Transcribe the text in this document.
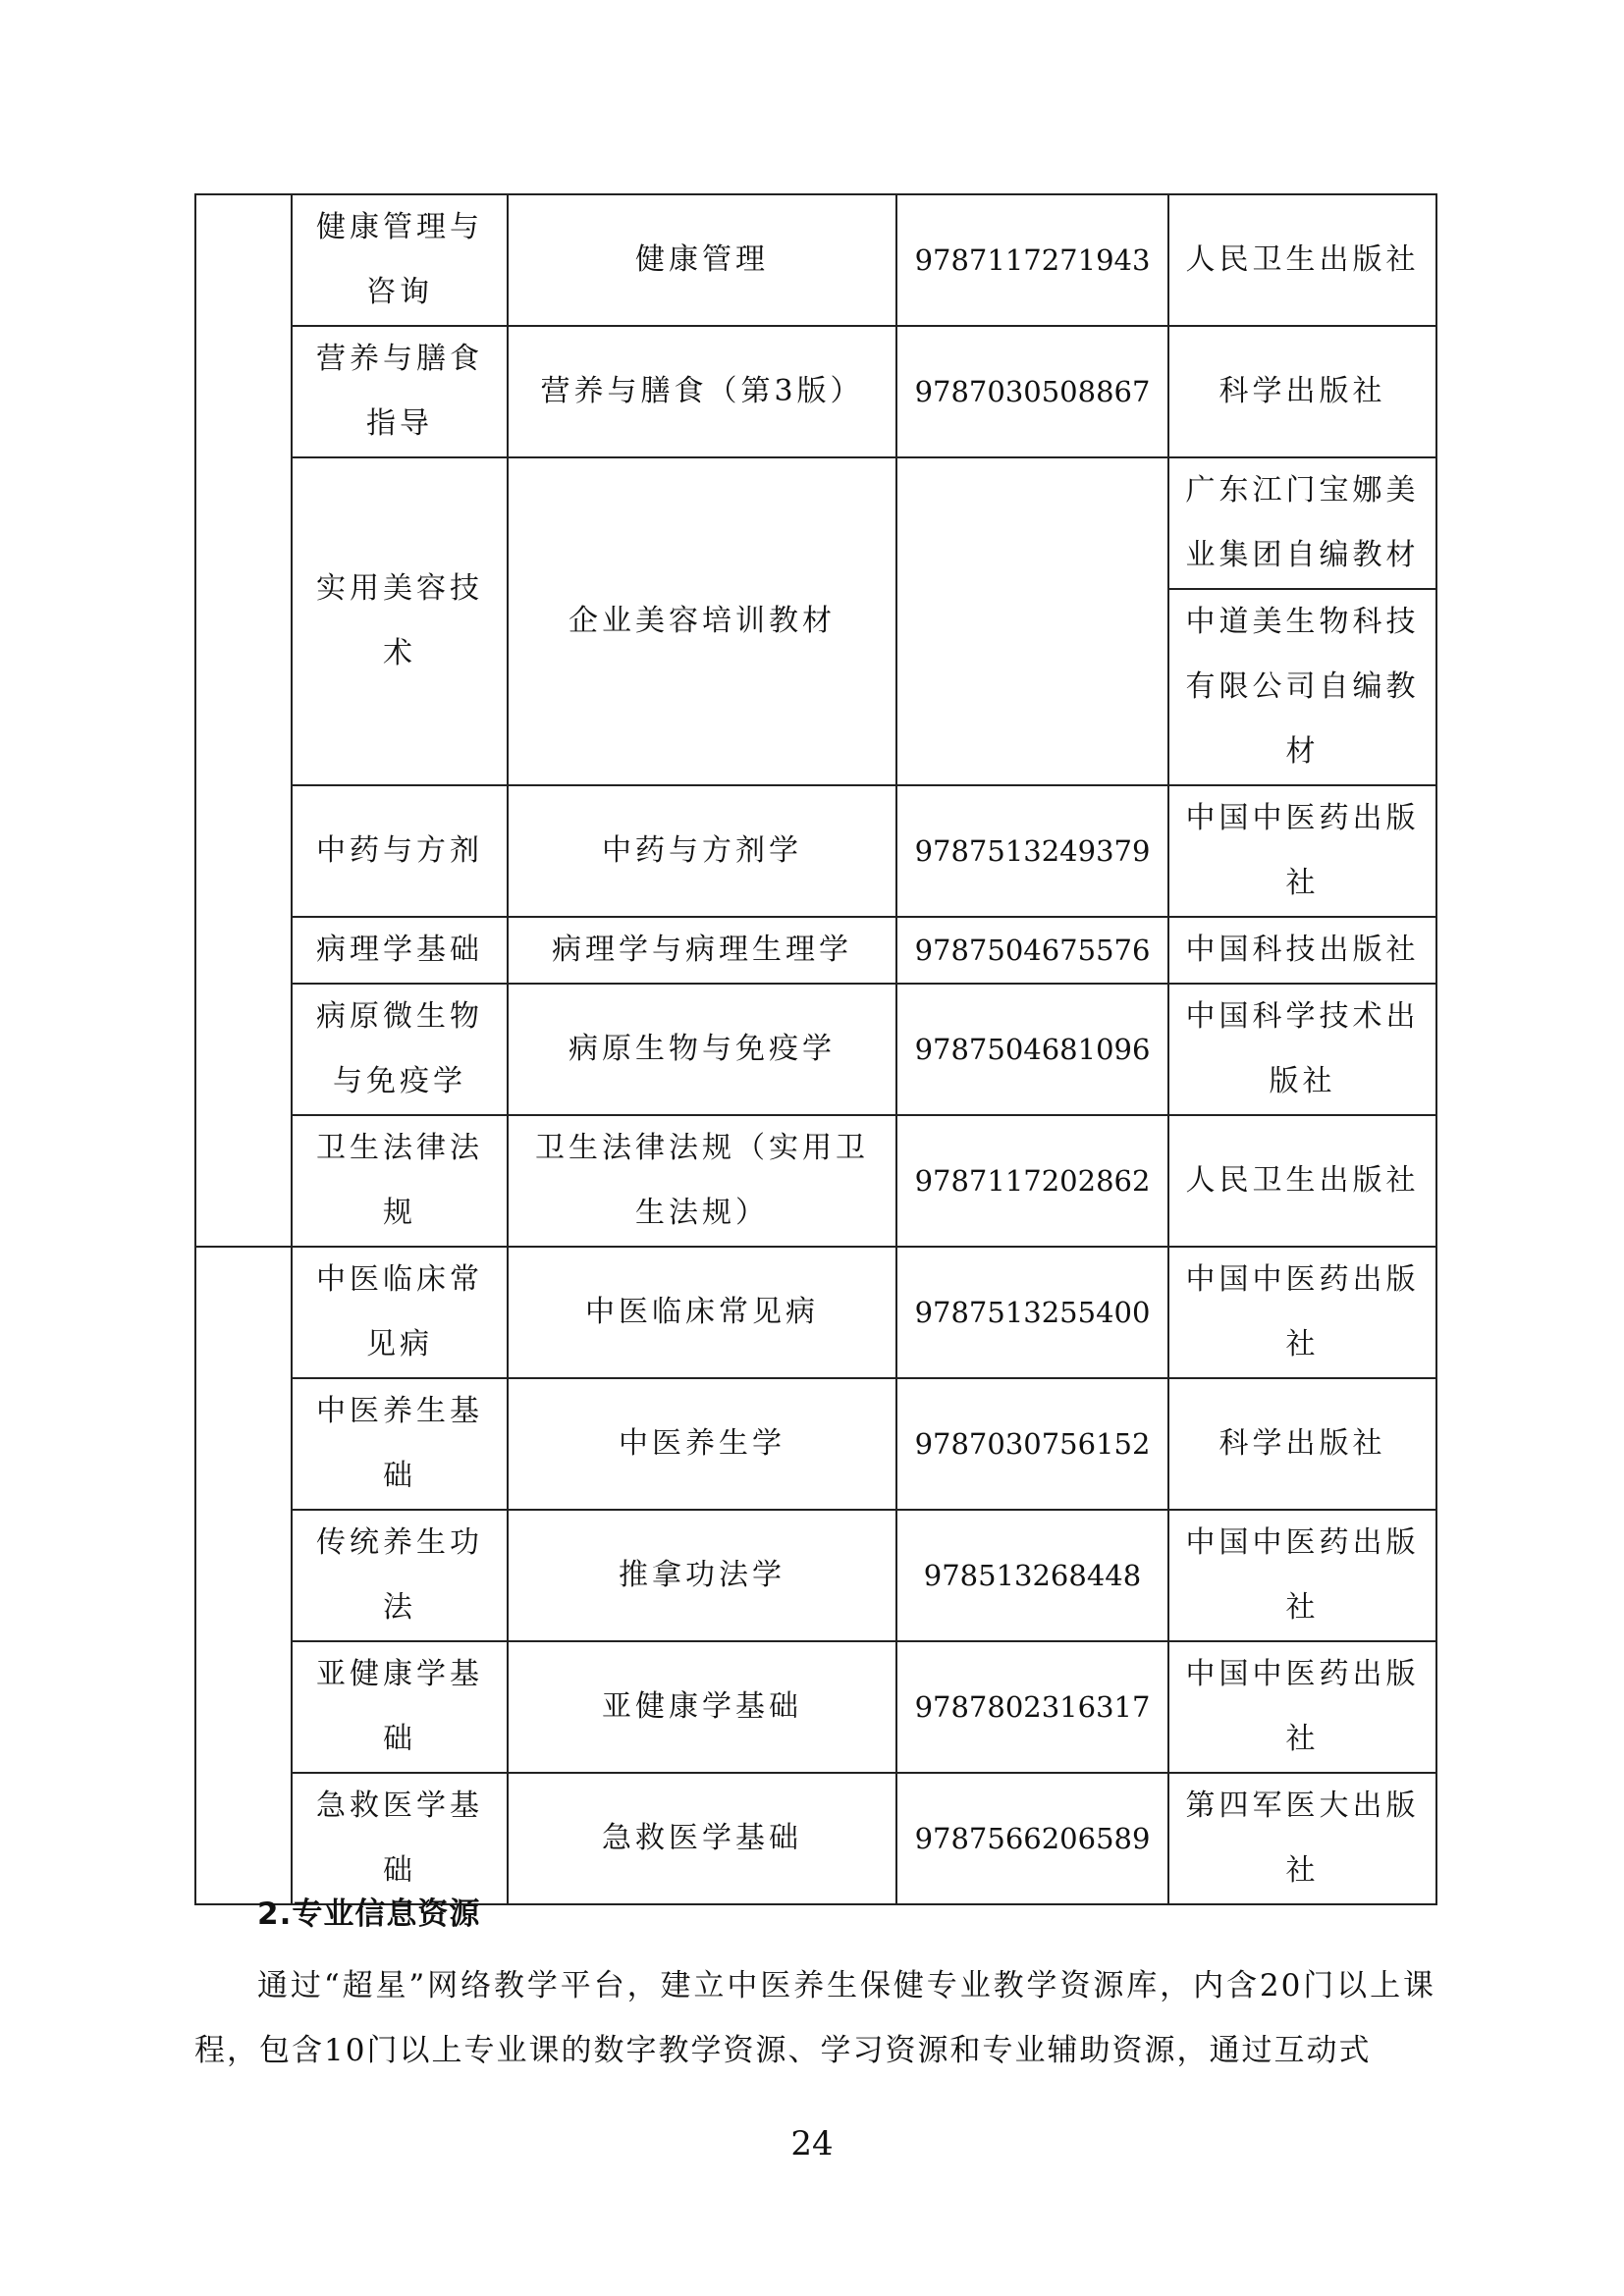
	健康管理与咨询	健康管理	9787117271943	人民卫生出版社
	营养与膳食指导	营养与膳食（第3版）	9787030508867	科学出版社
	实用美容技术	企业美容培训教材		广东江门宝娜美业集团自编教材
				中道美生物科技有限公司自编教材
	中药与方剂	中药与方剂学	9787513249379	中国中医药出版社
	病理学基础	病理学与病理生理学	9787504675576	中国科技出版社
	病原微生物与免疫学	病原生物与免疫学	9787504681096	中国科学技术出版社
	卫生法律法规	卫生法律法规（实用卫生法规）	9787117202862	人民卫生出版社
	中医临床常见病	中医临床常见病	9787513255400	中国中医药出版社
	中医养生基础	中医养生学	9787030756152	科学出版社
	传统养生功法	推拿功法学	978513268448	中国中医药出版社
	亚健康学基础	亚健康学基础	9787802316317	中国中医药出版社
	急救医学基础	急救医学基础	9787566206589	第四军医大出版社
2.专业信息资源
通过“超星”网络教学平台，建立中医养生保健专业教学资源库，内含20门以上课程，包含10门以上专业课的数字教学资源、学习资源和专业辅助资源，通过互动式
24
